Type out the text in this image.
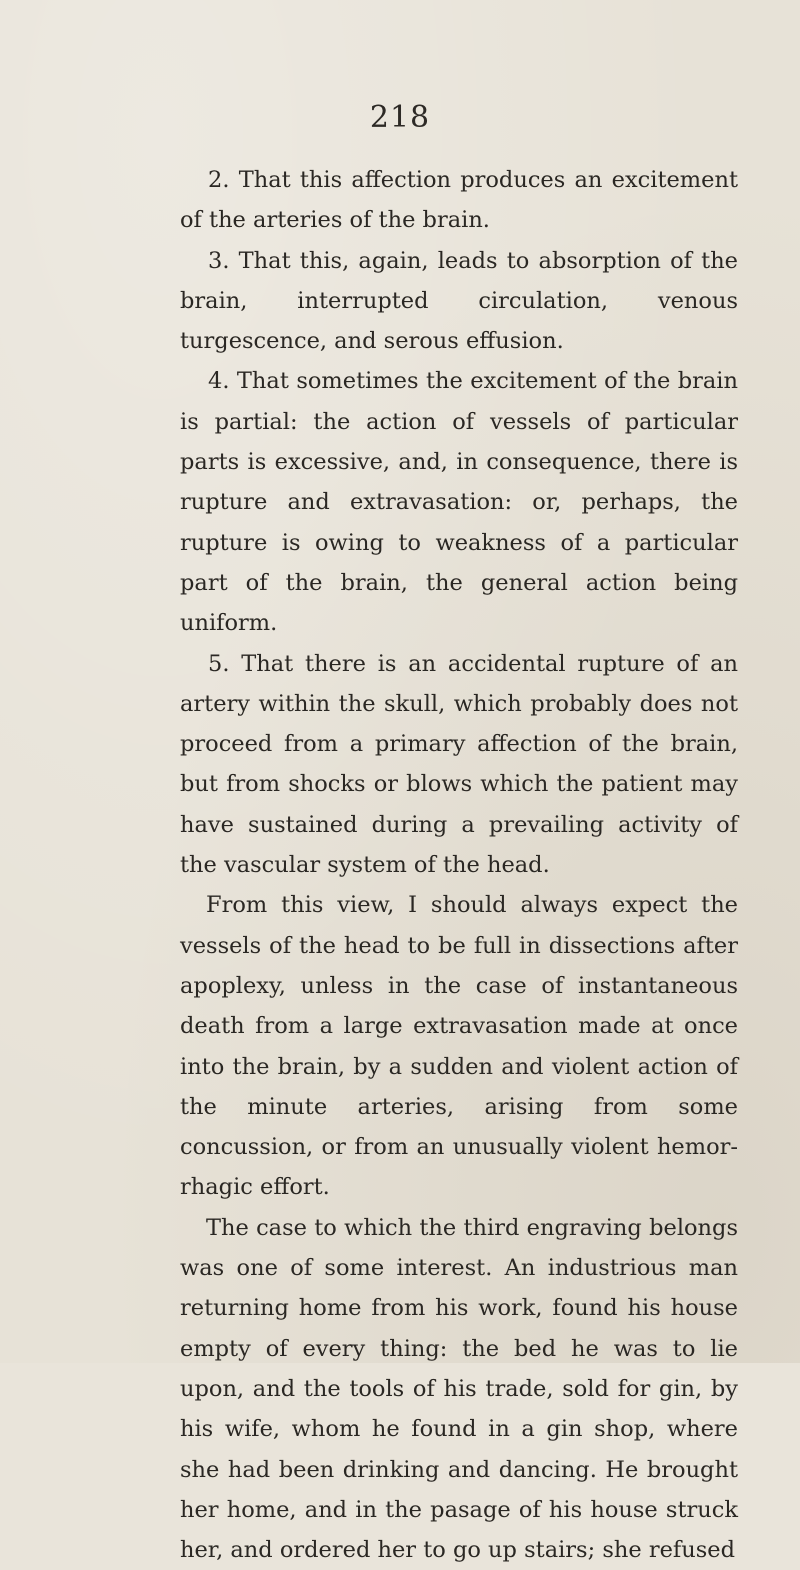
218

2. That this affection produces an excitement of the arteries of the brain.

3. That this, again, leads to absorption of the brain, interrupted circulation, venous turgescence, and serous effusion.

4. That sometimes the excitement of the brain is partial: the action of vessels of particular parts is excessive, and, in consequence, there is rupture and extravasation: or, perhaps, the rupture is owing to weakness of a particular part of the brain, the general action being uniform.

5. That there is an accidental rupture of an artery within the skull, which probably does not proceed from a primary affection of the brain, but from shocks or blows which the patient may have sustained during a prevailing activity of the vascular system of the head.

From this view, I should always expect the vessels of the head to be full in dissections after apoplexy, unless in the case of instantaneous death from a large extravasation made at once into the brain, by a sudden and violent action of the minute arteries, arising from some concussion, or from an unusually violent hemor-rhagic effort.

The case to which the third engraving belongs was one of some interest. An industrious man returning home from his work, found his house empty of every thing: the bed he was to lie upon, and the tools of his trade, sold for gin, by his wife, whom he found in a gin shop, where she had been drinking and dancing. He brought her home, and in the pasage of his house struck her, and ordered her to go up stairs; she refused
